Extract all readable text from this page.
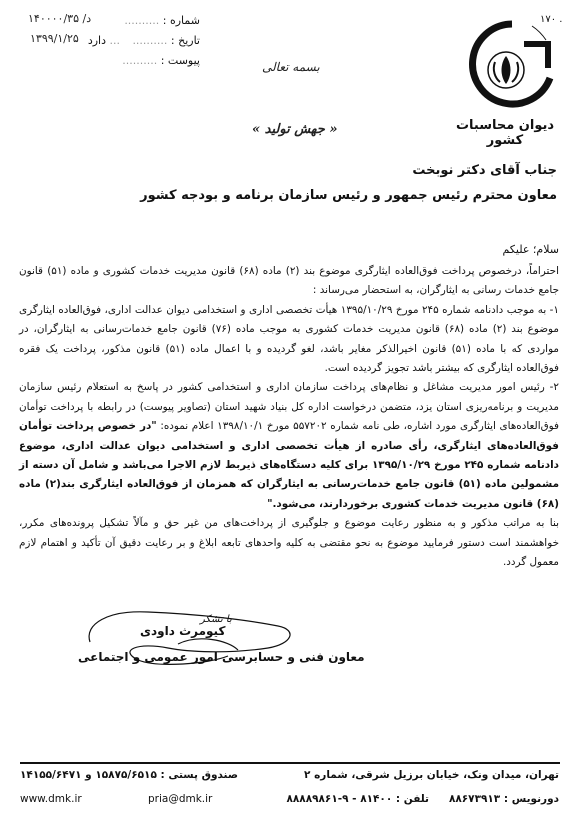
۱۷۰ .
دیوان محاسبات کشور
۱۴۰۰۰۰/۳۵ /د
۱۳۹۹/۱/۲۵
شماره : ..........
تاریخ : ..........
... دارد
پیوست : ..........	بسمه تعالی
« جهش تولید »
جناب آقای دکتر نوبخت
معاون محترم رئیس جمهور و رئیس سازمان برنامه و بودجه کشور
سلام؛ علیکم

احتراماً، درخصوص پرداخت فوق‌العاده ایثارگری موضوع بند (۲) ماده (۶۸) قانون مدیریت خدمات کشوری و ماده (۵۱) قانون جامع خدمات رسانی به ایثارگران، به استحضار می‌رساند :

۱- به موجب دادنامه شماره ۲۴۵ مورخ ۱۳۹۵/۱۰/۲۹ هیأت تخصصی اداری و استخدامی دیوان عدالت اداری، فوق‌العاده ایثارگری موضوع بند (۲) ماده (۶۸) قانون مدیریت خدمات کشوری به موجب ماده (۷۶) قانون جامع خدمات‌رسانی به ایثارگران، در مواردی که با ماده (۵۱) قانون اخیرالذکر مغایر باشد، لغو گردیده و با اعمال ماده (۵۱) قانون مذکور، پرداخت یک فقره فوق‌العاده ایثارگری که بیشتر باشد تجویز گردیده است.

۲- رئیس امور مدیریت مشاغل و نظام‌های پرداخت سازمان اداری و استخدامی کشور در پاسخ به استعلام رئیس سازمان مدیریت و برنامه‌ریزی استان یزد، متضمن درخواست اداره کل بنیاد شهید استان (تصاویر پیوست) در رابطه با پرداخت توأمان فوق‌العاده‌های ایثارگری مورد اشاره، طی نامه شماره ۵۵۷۲۰۲ مورخ ۱۳۹۸/۱۰/۱ اعلام نموده: "در خصوص پرداخت توأمان فوق‌العاده‌های ایثارگری، رأی صادره از هیأت تخصصی اداری و استخدامی دیوان عدالت اداری، موضوع دادنامه شماره ۲۴۵ مورخ ۱۳۹۵/۱۰/۲۹ برای کلیه دستگاه‌های ذیربط لازم الاجرا می‌باشد و شامل آن دسته از مشمولین ماده (۵۱) قانون جامع خدمات‌رسانی به ایثارگران که همزمان از فوق‌العاده ایثارگری بند(۲) ماده (۶۸) قانون مدیریت خدمات کشوری برخوردارند، می‌شود."

بنا به مراتب مذکور و به منظور رعایت موضوع و جلوگیری از پرداخت‌های من غیر حق و مآلاً تشکیل پرونده‌های مکرر، خواهشمند است دستور فرمایید موضوع به نحو مقتضی به کلیه واحدهای تابعه ابلاغ و بر رعایت دقیق آن تأکید و اهتمام لازم معمول گردد.

با تشکر
کیومرث داودی
معاون فنی و حسابرسی امور عمومی و اجتماعی
تهران، میدان ونک، خیابان برزیل شرقی، شماره ۲
صندوق پستی : ۱۵۸۷۵/۶۵۱۵ و ۱۴۱۵۵/۶۴۷۱
www.dmk.ir	pria@dmk.ir	تلفن : ۸۱۴۰۰ - ۹-۸۸۸۸۹۸۶۱ دورنویس : ۸۸۶۷۳۹۱۳
